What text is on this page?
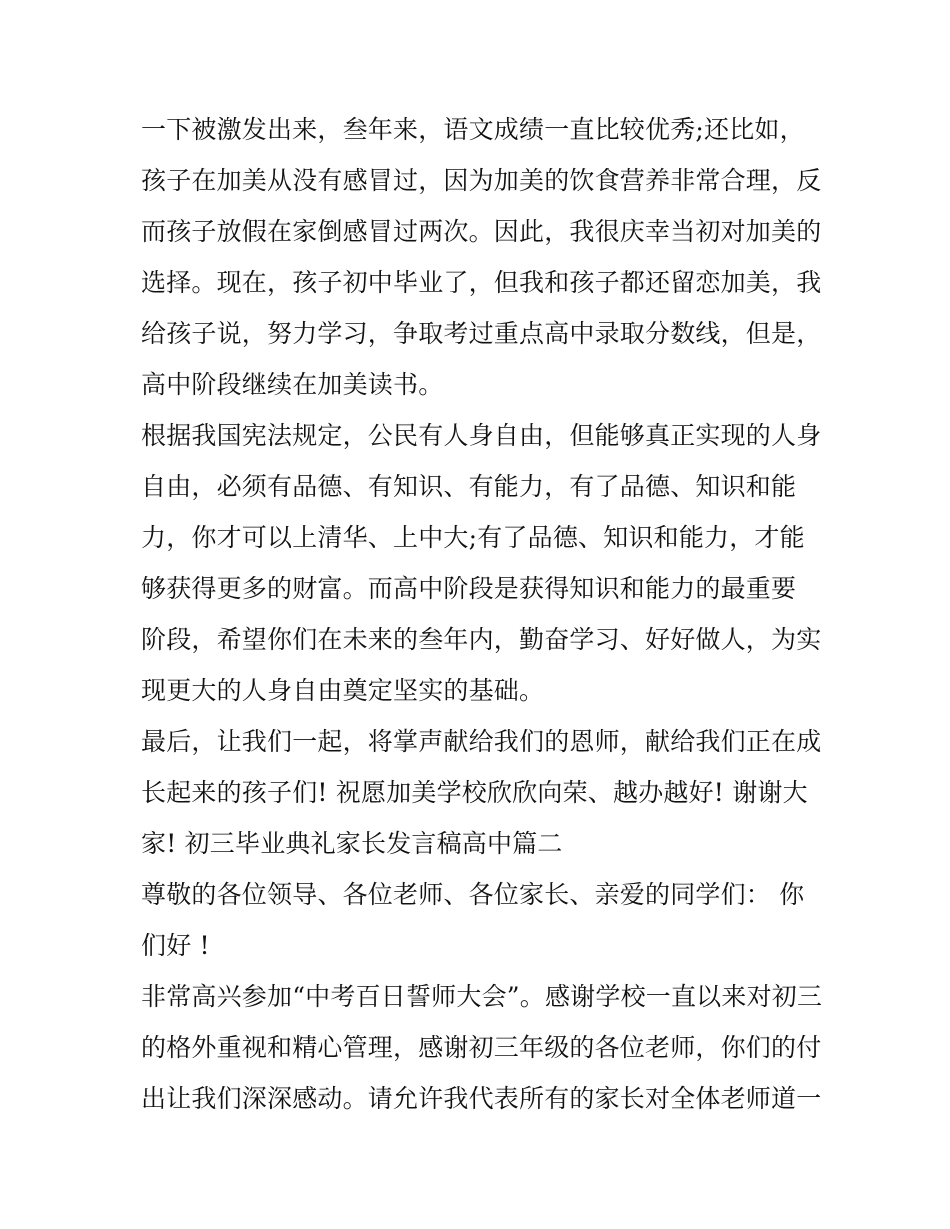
一下被激发出来，叁年来，语文成绩一直比较优秀;还比如，
孩子在加美从没有感冒过，因为加美的饮食营养非常合理，反
而孩子放假在家倒感冒过两次。因此，我很庆幸当初对加美的
选择。现在，孩子初中毕业了，但我和孩子都还留恋加美，我
给孩子说，努力学习，争取考过重点高中录取分数线，但是，
高中阶段继续在加美读书。
根据我国宪法规定，公民有人身自由，但能够真正实现的人身
自由，必须有品德、有知识、有能力，有了品德、知识和能
力，你才可以上清华、上中大;有了品德、知识和能力，才能
够获得更多的财富。而高中阶段是获得知识和能力的最重要
阶段，希望你们在未来的叁年内，勤奋学习、好好做人，为实
现更大的人身自由奠定坚实的基础。
最后，让我们一起，将掌声献给我们的恩师，献给我们正在成
长起来的孩子们! 祝愿加美学校欣欣向荣、越办越好! 谢谢大
家! 初三毕业典礼家长发言稿高中篇二
尊敬的各位领导、各位老师、各位家长、亲爱的同学们： 你
们好 !
非常高兴参加“中考百日誓师大会”。感谢学校一直以来对初三
的格外重视和精心管理，感谢初三年级的各位老师，你们的付
出让我们深深感动。请允许我代表所有的家长对全体老师道一
